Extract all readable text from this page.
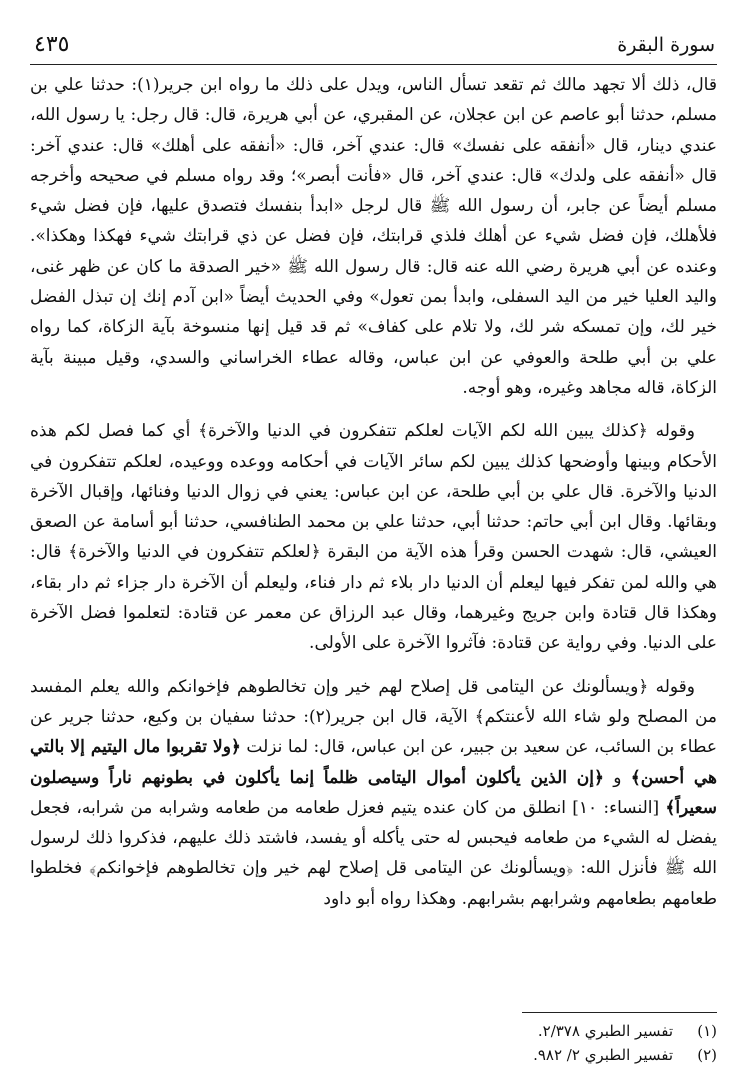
سورة البقرة
٤٣٥

قال، ذلك ألا تجهد مالك ثم تقعد تسأل الناس، ويدل على ذلك ما رواه ابن جرير(١): حدثنا علي بن مسلم، حدثنا أبو عاصم عن ابن عجلان، عن المقبري، عن أبي هريرة، قال: قال رجل: يا رسول الله، عندي دينار، قال «أنفقه على نفسك» قال: عندي آخر، قال: «أنفقه على أهلك» قال: عندي آخر: قال «أنفقه على ولدك» قال: عندي آخر، قال «فأنت أبصر»؛ وقد رواه مسلم في صحيحه وأخرجه مسلم أيضاً عن جابر، أن رسول الله ﷺ قال لرجل «ابدأ بنفسك فتصدق عليها، فإن فضل شيء فلأهلك، فإن فضل شيء عن أهلك فلذي قرابتك، فإن فضل عن ذي قرابتك شيء فهكذا وهكذا». وعنده عن أبي هريرة رضي الله عنه قال: قال رسول الله ﷺ «خير الصدقة ما كان عن ظهر غنى، واليد العليا خير من اليد السفلى، وابدأ بمن تعول» وفي الحديث أيضاً «ابن آدم إنك إن تبذل الفضل خير لك، وإن تمسكه شر لك، ولا تلام على كفاف» ثم قد قيل إنها منسوخة بآية الزكاة، كما رواه علي بن أبي طلحة والعوفي عن ابن عباس، وقاله عطاء الخراساني والسدي، وقيل مبينة بآية الزكاة، قاله مجاهد وغيره، وهو أوجه.

وقوله ﴿كذلك يبين الله لكم الآيات لعلكم تتفكرون في الدنيا والآخرة﴾ أي كما فصل لكم هذه الأحكام وبينها وأوضحها كذلك يبين لكم سائر الآيات في أحكامه ووعده ووعيده، لعلكم تتفكرون في الدنيا والآخرة. قال علي بن أبي طلحة، عن ابن عباس: يعني في زوال الدنيا وفنائها، وإقبال الآخرة وبقائها. وقال ابن أبي حاتم: حدثنا أبي، حدثنا علي بن محمد الطنافسي، حدثنا أبو أسامة عن الصعق العيشي، قال: شهدت الحسن وقرأ هذه الآية من البقرة ﴿لعلكم تتفكرون في الدنيا والآخرة﴾ قال: هي والله لمن تفكر فيها ليعلم أن الدنيا دار بلاء ثم دار فناء، وليعلم أن الآخرة دار جزاء ثم دار بقاء، وهكذا قال قتادة وابن جريج وغيرهما، وقال عبد الرزاق عن معمر عن قتادة: لتعلموا فضل الآخرة على الدنيا. وفي رواية عن قتادة: فآثروا الآخرة على الأولى.

وقوله ﴿ويسألونك عن اليتامى قل إصلاح لهم خير وإن تخالطوهم فإخوانكم والله يعلم المفسد من المصلح ولو شاء الله لأعنتكم﴾ الآية، قال ابن جرير(٢): حدثنا سفيان بن وكيع، حدثنا جرير عن عطاء بن السائب، عن سعيد بن جبير، عن ابن عباس، قال: لما نزلت ﴿ولا تقربوا مال اليتيم إلا بالتي هي أحسن﴾ و ﴿إن الذين يأكلون أموال اليتامى ظلماً إنما يأكلون في بطونهم ناراً وسيصلون سعيراً﴾ [النساء: ١٠] انطلق من كان عنده يتيم فعزل طعامه من طعامه وشرابه من شرابه، فجعل يفضل له الشيء من طعامه فيحبس له حتى يأكله أو يفسد، فاشتد ذلك عليهم، فذكروا ذلك لرسول الله ﷺ فأنزل الله: ﴿ويسألونك عن اليتامى قل إصلاح لهم خير وإن تخالطوهم فإخوانكم﴾ فخلطوا طعامهم بطعامهم وشرابهم بشرابهم. وهكذا رواه أبو داود

(١)تفسير الطبري ٢/٣٧٨.
(٢)تفسير الطبري ٢/ ٩٨٢.
